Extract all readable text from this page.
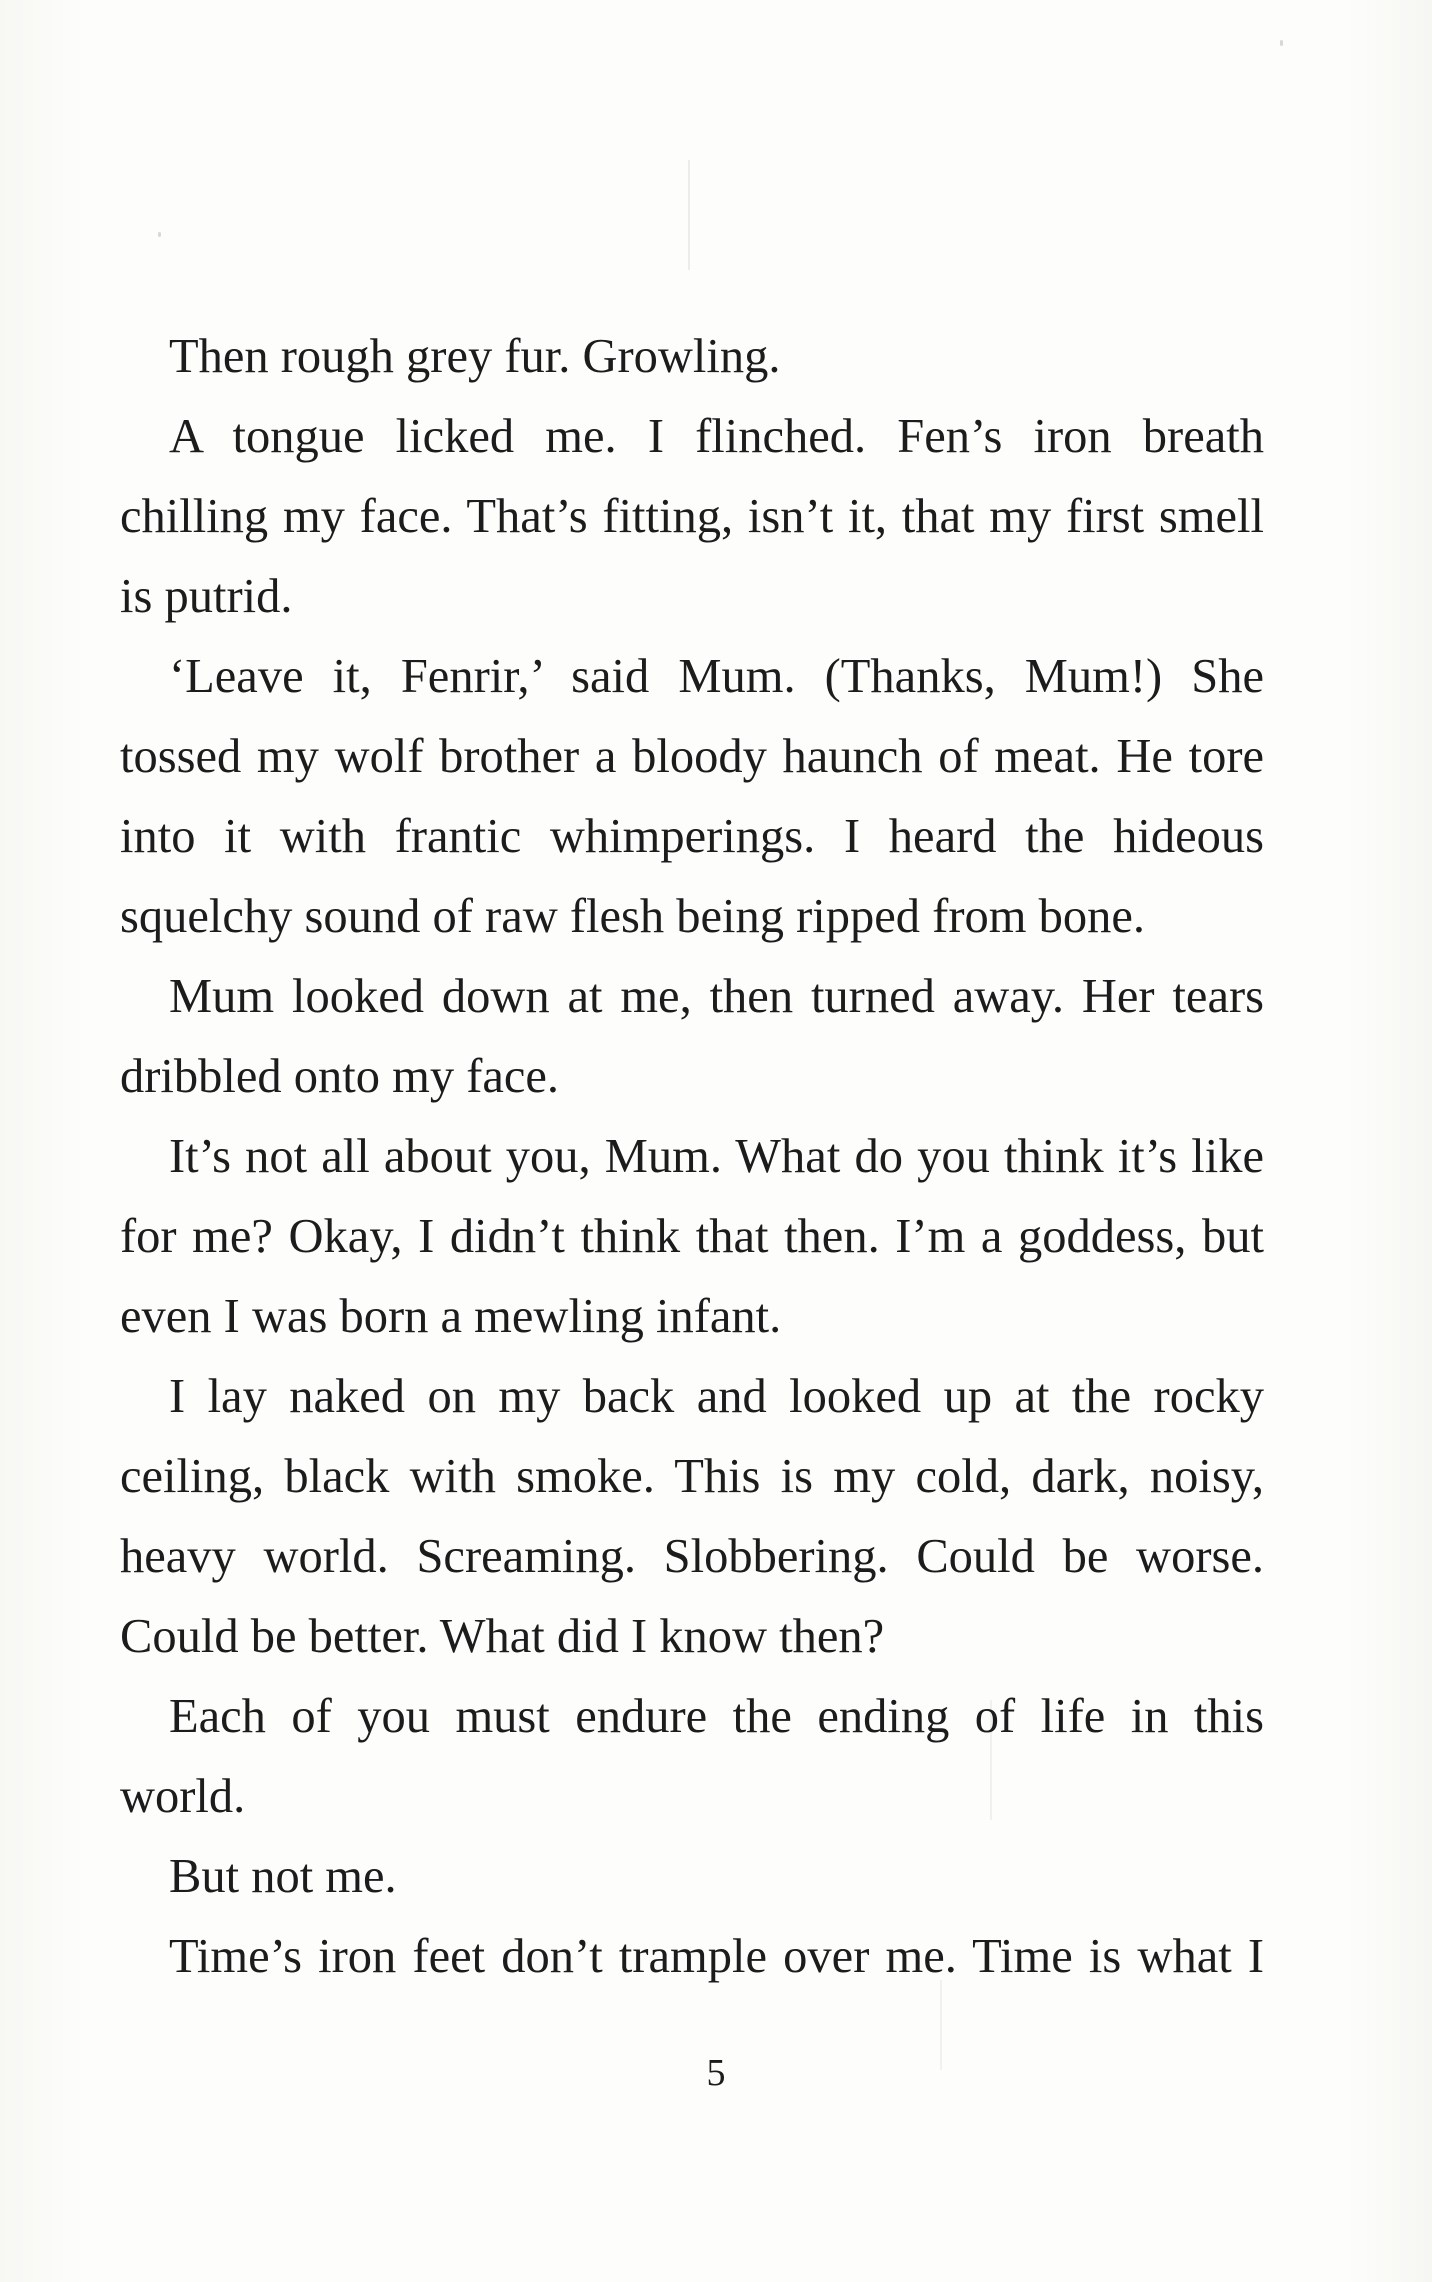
Then rough grey fur. Growling.

A tongue licked me. I flinched. Fen’s iron breath chilling my face. That’s fitting, isn’t it, that my first smell is putrid.

‘Leave it, Fenrir,’ said Mum. (Thanks, Mum!) She tossed my wolf brother a bloody haunch of meat. He tore into it with frantic whimperings. I heard the hideous squelchy sound of raw flesh being ripped from bone.

Mum looked down at me, then turned away. Her tears dribbled onto my face.

It’s not all about you, Mum. What do you think it’s like for me? Okay, I didn’t think that then. I’m a goddess, but even I was born a mewling infant.

I lay naked on my back and looked up at the rocky ceiling, black with smoke. This is my cold, dark, noisy, heavy world. Screaming. Slobbering. Could be worse. Could be better. What did I know then?

Each of you must endure the ending of life in this world.

But not me.

Time’s iron feet don’t trample over me. Time is what I

5
